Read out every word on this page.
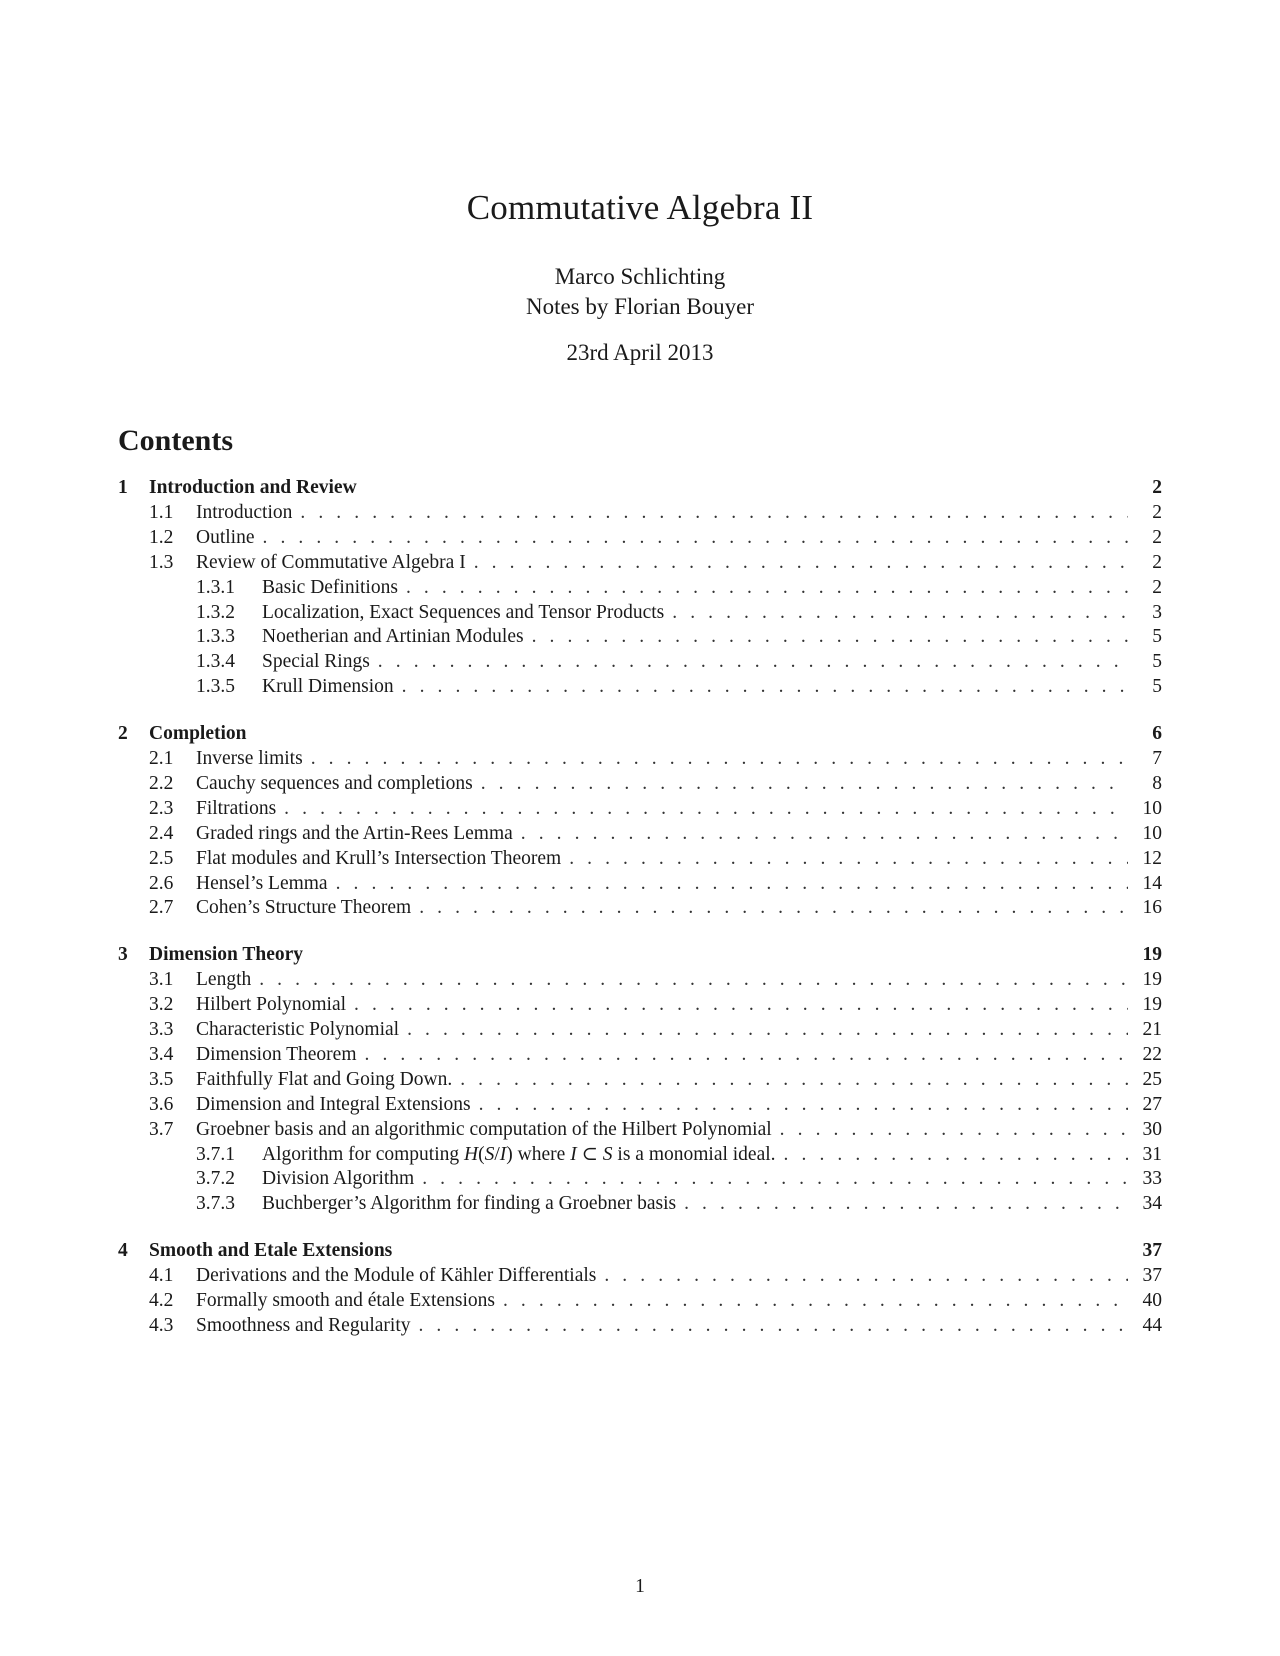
Commutative Algebra II
Marco Schlichting
Notes by Florian Bouyer
23rd April 2013
Contents
1	Introduction and Review	2
1.1	Introduction . . .	2
1.2	Outline . . .	2
1.3	Review of Commutative Algebra I . . .	2
1.3.1	Basic Definitions . . .	2
1.3.2	Localization, Exact Sequences and Tensor Products . . .	3
1.3.3	Noetherian and Artinian Modules . . .	5
1.3.4	Special Rings . . .	5
1.3.5	Krull Dimension . . .	5
2	Completion	6
2.1	Inverse limits . . .	7
2.2	Cauchy sequences and completions . . .	8
2.3	Filtrations . . .	10
2.4	Graded rings and the Artin-Rees Lemma . . .	10
2.5	Flat modules and Krull’s Intersection Theorem . . .	12
2.6	Hensel’s Lemma . . .	14
2.7	Cohen’s Structure Theorem . . .	16
3	Dimension Theory	19
3.1	Length . . .	19
3.2	Hilbert Polynomial . . .	19
3.3	Characteristic Polynomial . . .	21
3.4	Dimension Theorem . . .	22
3.5	Faithfully Flat and Going Down. . . .	25
3.6	Dimension and Integral Extensions . . .	27
3.7	Groebner basis and an algorithmic computation of the Hilbert Polynomial . . .	30
3.7.1	Algorithm for computing H(S/I) where I ⊂ S is a monomial ideal. . . .	31
3.7.2	Division Algorithm . . .	33
3.7.3	Buchberger’s Algorithm for finding a Groebner basis . . .	34
4	Smooth and Etale Extensions	37
4.1	Derivations and the Module of Kähler Differentials . . .	37
4.2	Formally smooth and étale Extensions . . .	40
4.3	Smoothness and Regularity . . .	44
1
